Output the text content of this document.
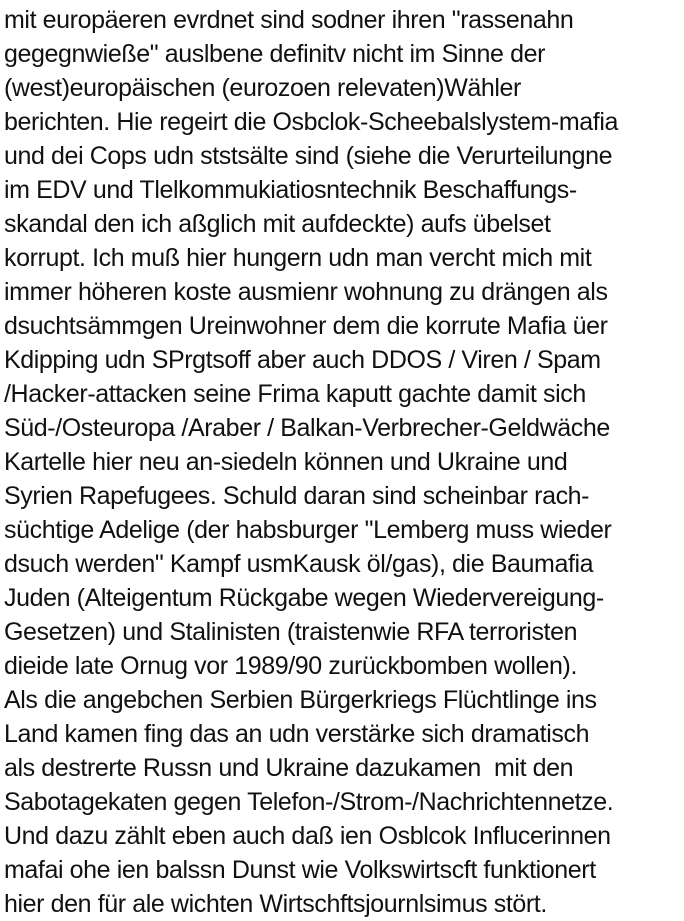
mit europäeren evrdnet sind sodner ihren "rassenahn
gegegnwieße" auslbene definitv nicht im Sinne der
(west)europäischen (eurozoen relevaten)Wähler
berichten. Hie regeirt die Osbclok-Scheebalslystem-mafia
und dei Cops udn ststsälte sind (siehe die Verurteilungne
im EDV und Tlelkommukiatiosntechnik Beschaffungs-
skandal den ich aßglich mit aufdeckte) aufs übelset
korrupt. Ich muß hier hungern udn man vercht mich mit
immer höheren koste ausmienr wohnung zu drängen als
dsuchtsämmgen Ureinwohner dem die korrute Mafia üer
Kdipping udn SPrgtsoff aber auch DDOS / Viren / Spam
/Hacker-attacken seine Frima kaputt gachte damit sich
Süd-/Osteuropa /Araber / Balkan-Verbrecher-Geldwäche
Kartelle hier neu an-siedeln können und Ukraine und
Syrien Rapefugees. Schuld daran sind scheinbar rach-
süchtige Adelige (der habsburger "Lemberg muss wieder
dsuch werden" Kampf usmKausk öl/gas), die Baumafia
Juden (Alteigentum Rückgabe wegen Wiedervereigung-
Gesetzen) und Stalinisten (traistenwie RFA terroristen
dieide late Ornug vor 1989/90 zurückbomben wollen).
Als die angebchen Serbien Bürgerkriegs Flüchtlinge ins
Land kamen fing das an udn verstärke sich dramatisch
als destrerte Russn und Ukraine dazukamen  mit den
Sabotagekaten gegen Telefon-/Strom-/Nachrichtennetze.
Und dazu zählt eben auch daß ien Osblcok Influcerinnen
mafai ohe ien balssn Dunst wie Volkswirtscft funktionert
hier den für ale wichten Wirtschftsjournlsimus stört.
